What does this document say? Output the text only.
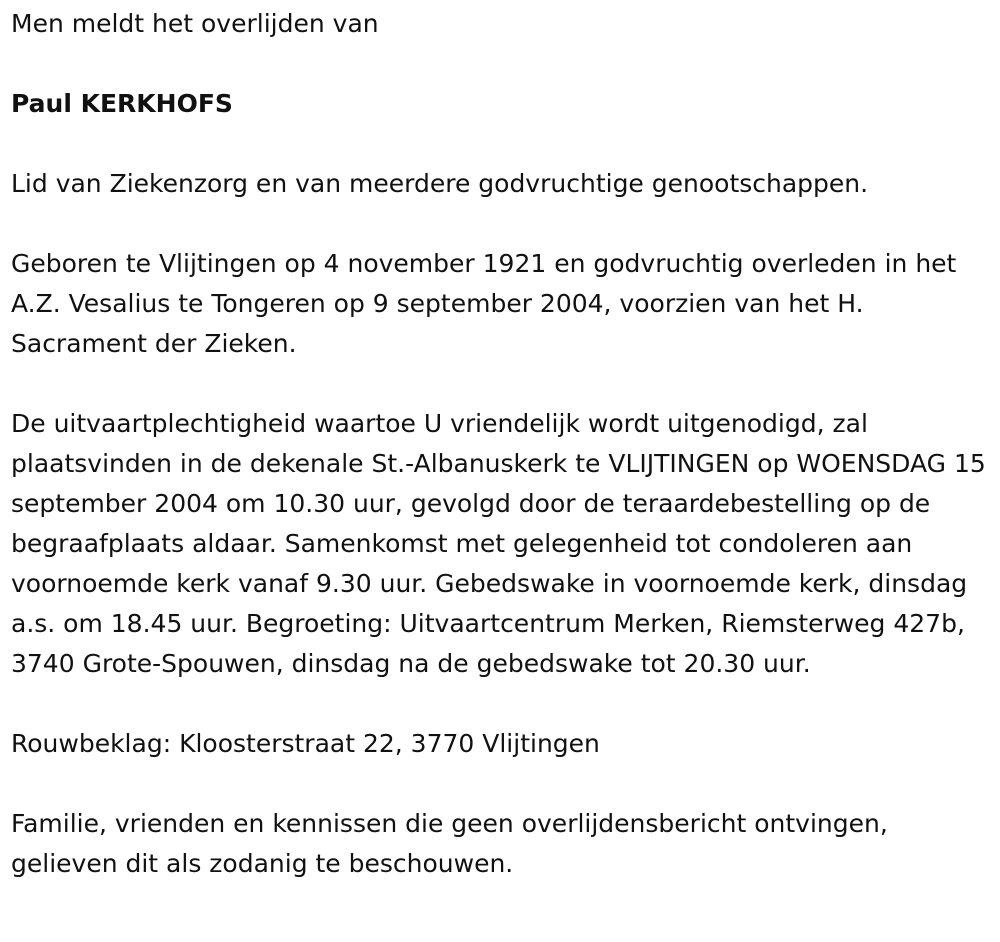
Men meldt het overlijden van

Paul KERKHOFS

Lid van Ziekenzorg en van meerdere godvruchtige genootschappen.

Geboren te Vlijtingen op 4 november 1921 en godvruchtig overleden in het A.Z. Vesalius te Tongeren op 9 september 2004, voorzien van het H. Sacrament der Zieken.

De uitvaartplechtigheid waartoe U vriendelijk wordt uitgenodigd, zal plaatsvinden in de dekenale St.-Albanuskerk te VLIJTINGEN op WOENSDAG 15 september 2004 om 10.30 uur, gevolgd door de teraardebestelling op de begraafplaats aldaar. Samenkomst met gelegenheid tot condoleren aan voornoemde kerk vanaf 9.30 uur. Gebedswake in voornoemde kerk, dinsdag a.s. om 18.45 uur. Begroeting: Uitvaartcentrum Merken, Riemsterweg 427b, 3740 Grote-Spouwen, dinsdag na de gebedswake tot 20.30 uur.

Rouwbeklag: Kloosterstraat 22, 3770 Vlijtingen

Familie, vrienden en kennissen die geen overlijdensbericht ontvingen, gelieven dit als zodanig te beschouwen.
